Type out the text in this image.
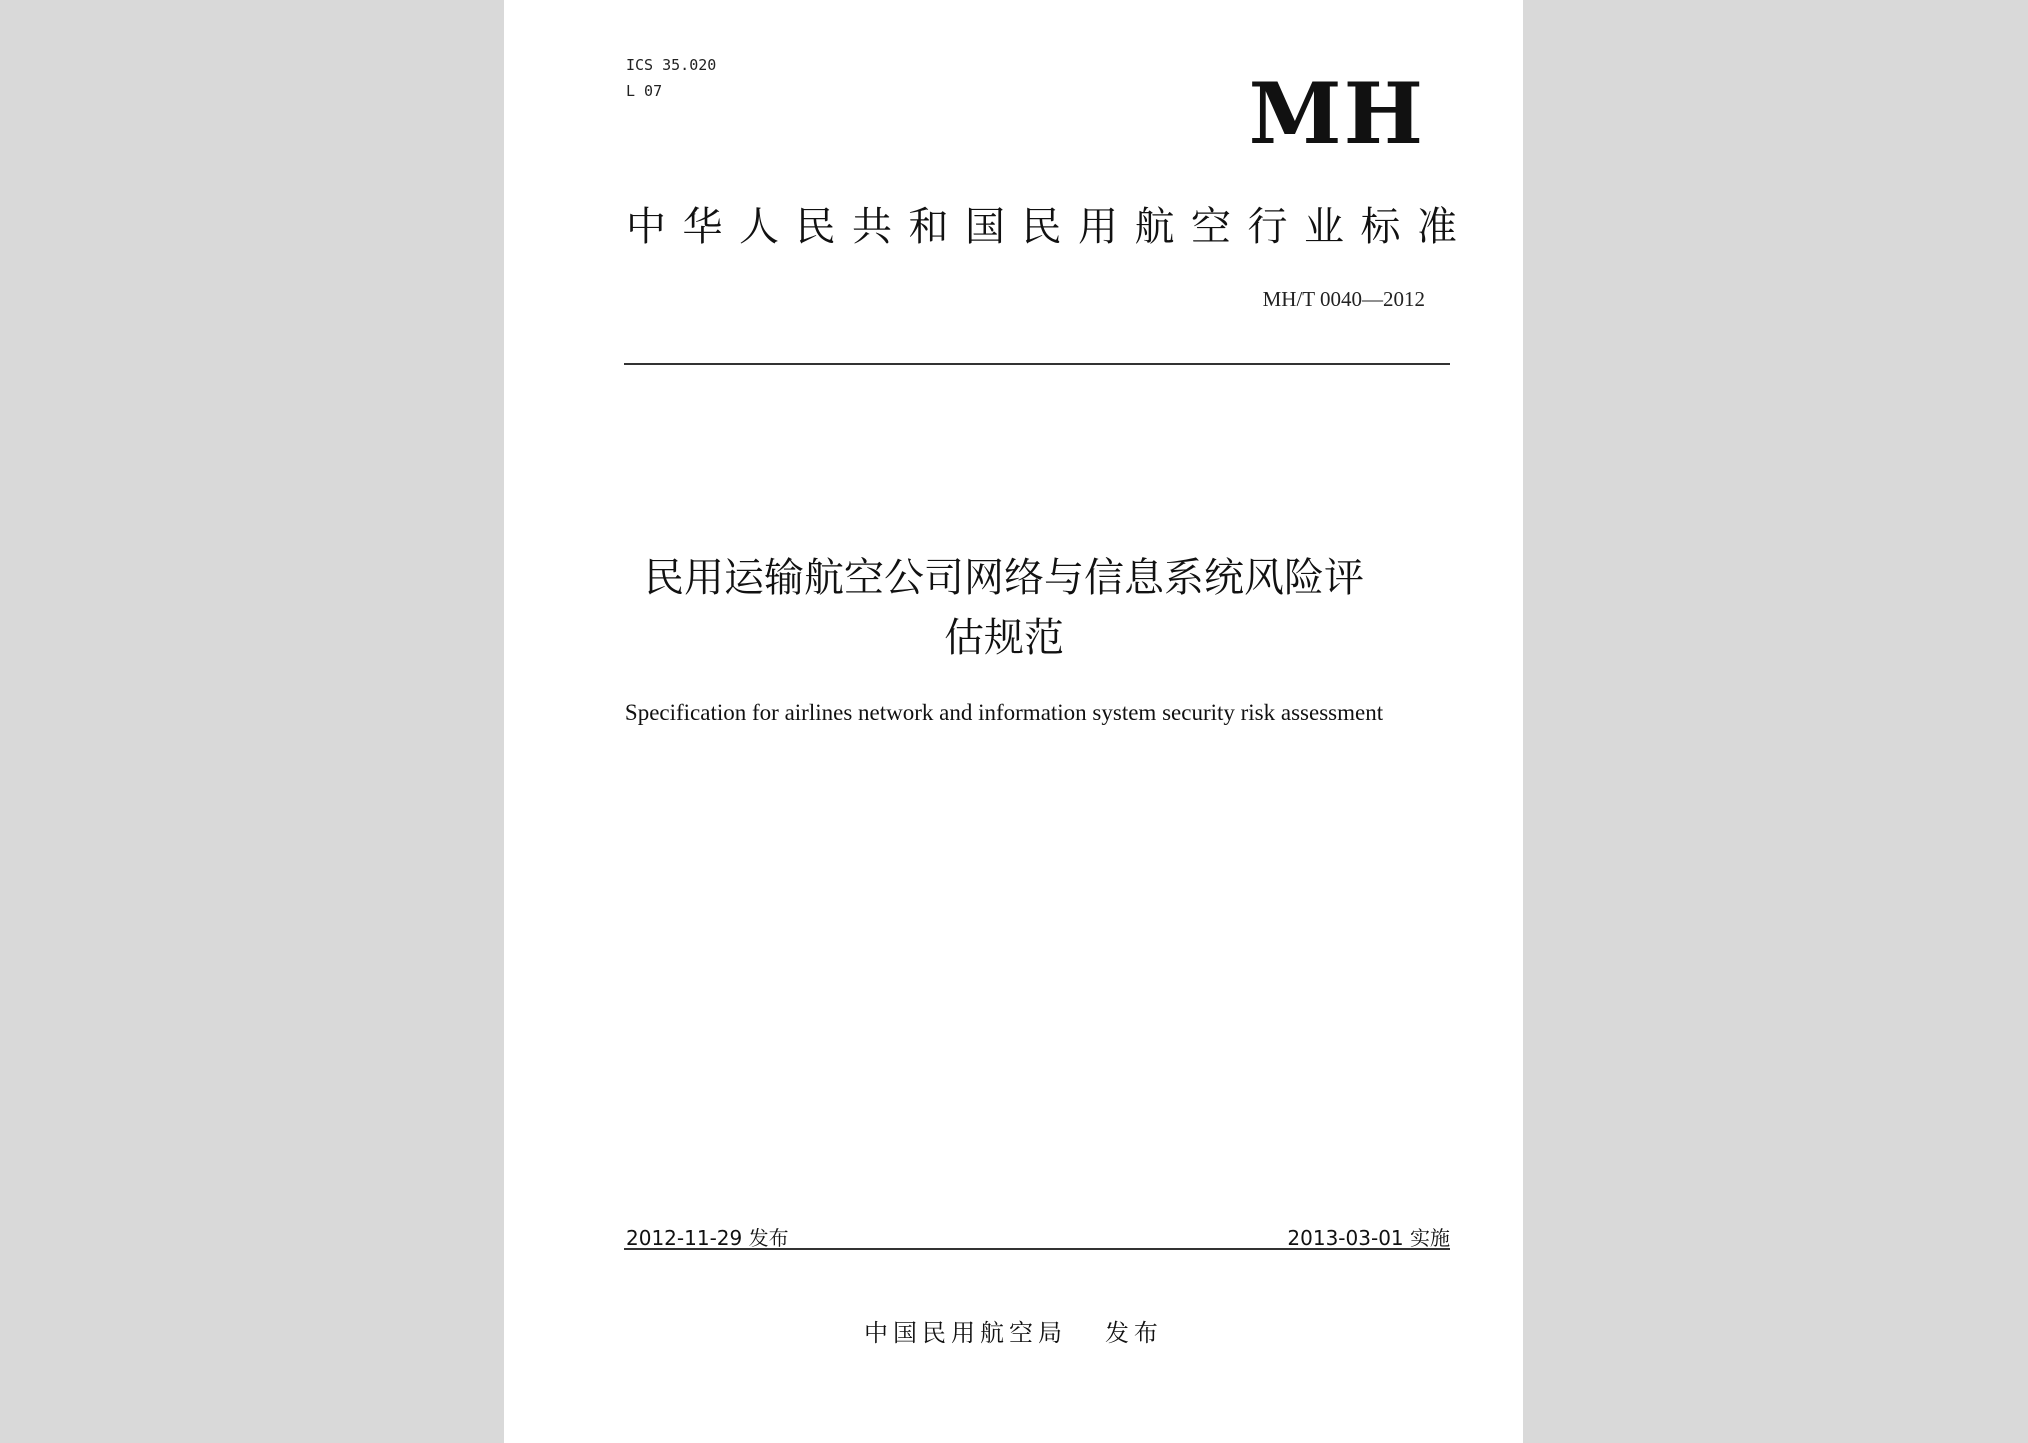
ICS 35.020
L 07	MH
中华人民共和国民用航空行业标准
MH/T 0040—2012
民用运输航空公司网络与信息系统风险评
估规范
Specification for airlines network and information system security risk assessment
2012-11-29 发布	2013-03-01 实施
中国民用航空局 发布
